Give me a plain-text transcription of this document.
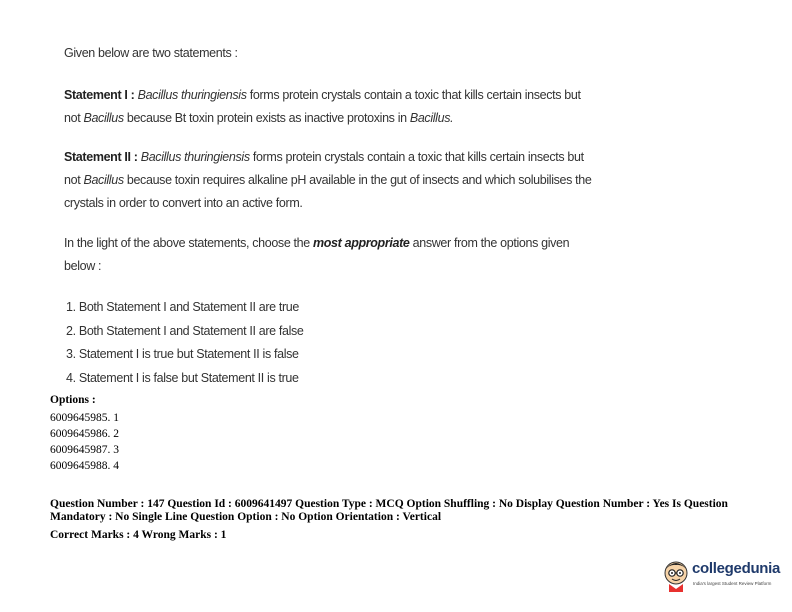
Given below are two statements :
Statement I : Bacillus thuringiensis forms protein crystals contain a toxic that kills certain insects but not Bacillus because Bt toxin protein exists as inactive protoxins in Bacillus.
Statement II : Bacillus thuringiensis forms protein crystals contain a toxic that kills certain insects but not Bacillus because toxin requires alkaline pH available in the gut of insects and which solubilises the crystals in order to convert into an active form.
In the light of the above statements, choose the most appropriate answer from the options given below :
1. Both Statement I and Statement II are true
2. Both Statement I and Statement II are false
3. Statement I is true but Statement II is false
4. Statement I is false but Statement II is true
Options :
6009645985. 1
6009645986. 2
6009645987. 3
6009645988. 4
Question Number : 147 Question Id : 6009641497 Question Type : MCQ Option Shuffling : No Display Question Number : Yes Is Question Mandatory : No Single Line Question Option : No Option Orientation : Vertical
Correct Marks : 4 Wrong Marks : 1
collegedunia
India's largest Student Review Platform
